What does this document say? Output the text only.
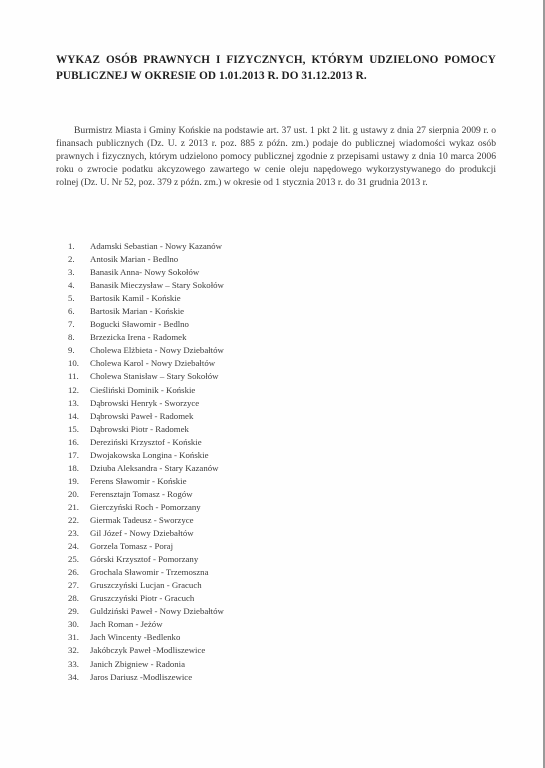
WYKAZ OSÓB PRAWNYCH I FIZYCZNYCH, KTÓRYM UDZIELONO POMOCY PUBLICZNEJ W OKRESIE OD 1.01.2013 R. DO 31.12.2013 R.

Burmistrz Miasta i Gminy Końskie na podstawie art. 37 ust. 1 pkt 2 lit. g ustawy z dnia 27 sierpnia 2009 r. o finansach publicznych (Dz. U. z 2013 r. poz. 885 z późn. zm.) podaje do publicznej wiadomości wykaz osób prawnych i fizycznych, którym udzielono pomocy publicznej zgodnie z przepisami ustawy z dnia 10 marca 2006 roku o zwrocie podatku akcyzowego zawartego w cenie oleju napędowego wykorzystywanego do produkcji rolnej (Dz. U. Nr 52, poz. 379 z późn. zm.) w okresie od 1 stycznia 2013 r. do 31 grudnia 2013 r.

1. Adamski Sebastian - Nowy Kazanów
2. Antosik Marian - Bedlno
3. Banasik Anna- Nowy Sokołów
4. Banasik Mieczysław – Stary Sokołów
5. Bartosik Kamil - Końskie
6. Bartosik Marian - Końskie
7. Bogucki Sławomir - Bedlno
8. Brzezicka Irena - Radomek
9. Cholewa Elżbieta - Nowy Dziebałtów
10. Cholewa Karol - Nowy Dziebałtów
11. Cholewa Stanisław – Stary Sokołów
12. Cieśliński Dominik - Końskie
13. Dąbrowski Henryk - Sworzyce
14. Dąbrowski Paweł - Radomek
15. Dąbrowski Piotr - Radomek
16. Dereziński Krzysztof - Końskie
17. Dwojakowska Longina - Końskie
18. Dziuba Aleksandra - Stary Kazanów
19. Ferens Sławomir - Końskie
20. Ferensztajn Tomasz - Rogów
21. Gierczyński Roch - Pomorzany
22. Giermak Tadeusz - Sworzyce
23. Gil Józef - Nowy Dziebałtów
24. Gorzela Tomasz - Poraj
25. Górski Krzysztof - Pomorzany
26. Grochala Sławomir - Trzemoszna
27. Gruszczyński Lucjan - Gracuch
28. Gruszczyński Piotr - Gracuch
29. Guldziński Paweł - Nowy Dziebałtów
30. Jach Roman - Jeżów
31. Jach Wincenty -Bedlenko
32. Jakóbczyk Paweł -Modliszewice
33. Janich Zbigniew - Radonia
34. Jaros Dariusz -Modliszewice
